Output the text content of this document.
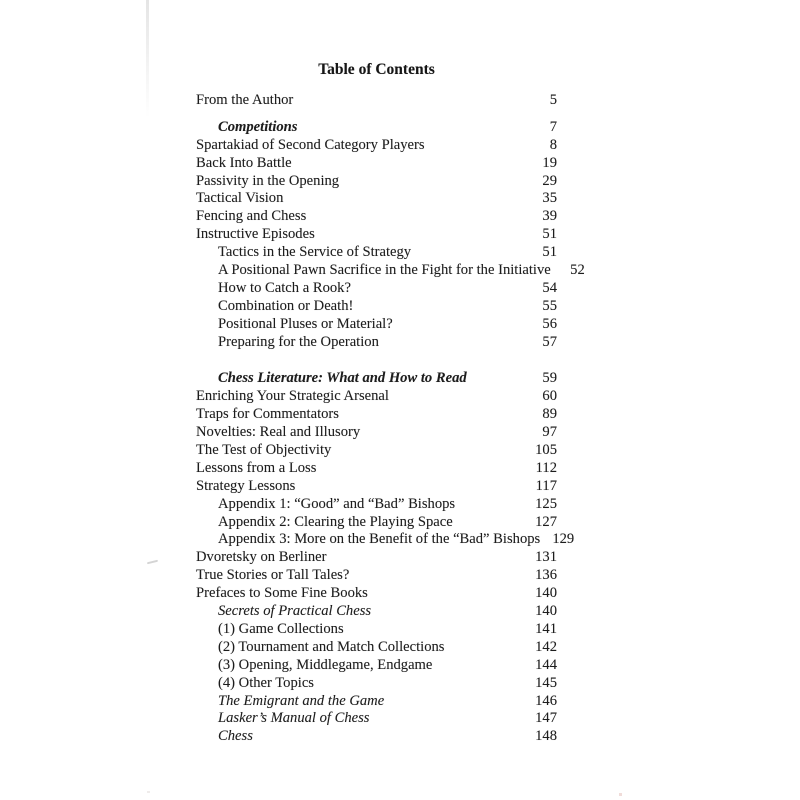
Table of Contents
From the Author	5
Competitions	7
Spartakiad of Second Category Players	8
Back Into Battle	19
Passivity in the Opening	29
Tactical Vision	35
Fencing and Chess	39
Instructive Episodes	51
Tactics in the Service of Strategy	51
A Positional Pawn Sacrifice in the Fight for the Initiative	52
How to Catch a Rook?	54
Combination or Death!	55
Positional Pluses or Material?	56
Preparing for the Operation	57
Chess Literature: What and How to Read	59
Enriching Your Strategic Arsenal	60
Traps for Commentators	89
Novelties: Real and Illusory	97
The Test of Objectivity	105
Lessons from a Loss	112
Strategy Lessons	117
Appendix 1: “Good” and “Bad” Bishops	125
Appendix 2: Clearing the Playing Space	127
Appendix 3: More on the Benefit of the “Bad” Bishops 129
Dvoretsky on Berliner	131
True Stories or Tall Tales?	136
Prefaces to Some Fine Books	140
Secrets of Practical Chess	140
(1) Game Collections	141
(2) Tournament and Match Collections	142
(3) Opening, Middlegame, Endgame	144
(4) Other Topics	145
The Emigrant and the Game	146
Lasker’s Manual of Chess	147
Chess	148
